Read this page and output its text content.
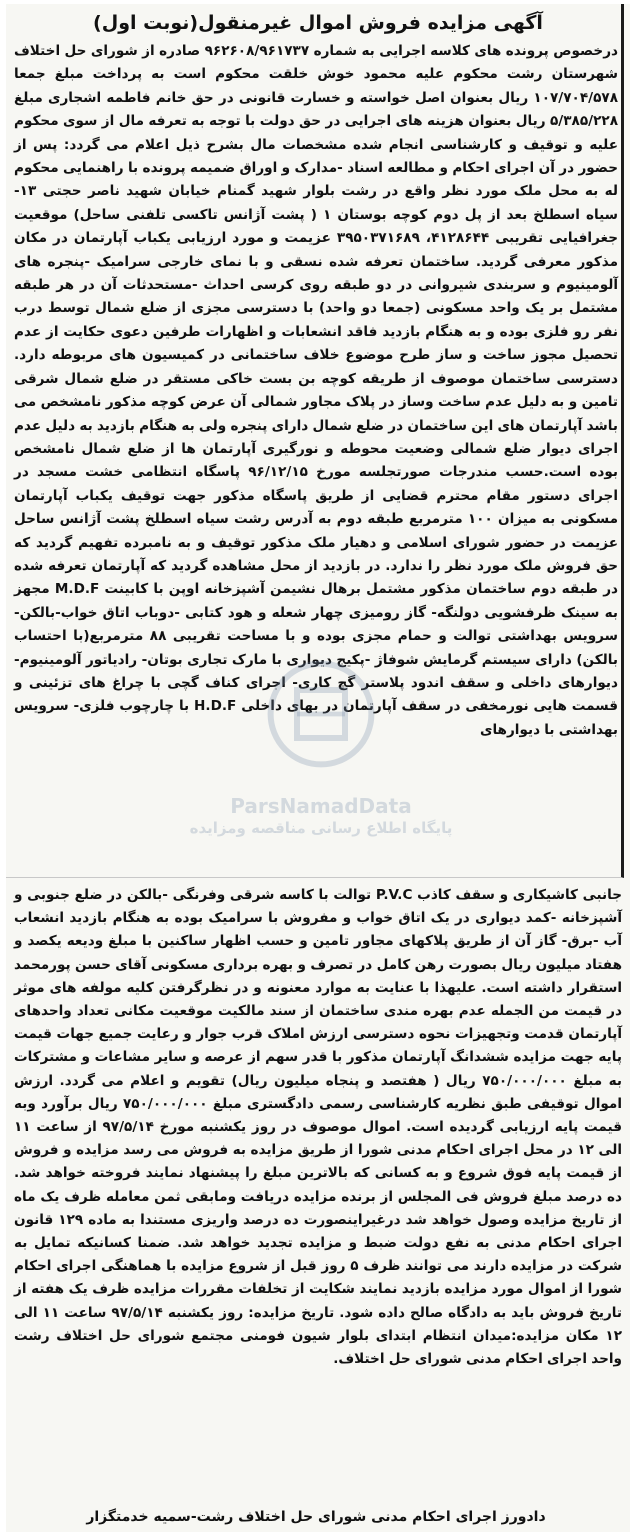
آگهی مزایده فروش اموال غیرمنقول(نوبت اول)
درخصوص پرونده های کلاسه اجرایی به شماره ۹۶۲۶۰۸/۹۶۱۷۳۷ صادره از شورای حل اختلاف شهرستان رشت محکوم علیه محمود خوش خلقت محکوم است به پرداخت مبلغ جمعا ۱۰۷/۷۰۴/۵۷۸ ریال بعنوان اصل خواسته و خسارت قانونی در حق خانم فاطمه اشجاری مبلغ ۵/۳۸۵/۲۲۸ ریال بعنوان هزینه های اجرایی در حق دولت با توجه به تعرفه مال از سوی محکوم علیه و توقیف و کارشناسی انجام شده مشخصات مال بشرح ذیل اعلام می گردد: پس از حضور در آن اجرای احکام و مطالعه اسناد -مدارک و اوراق ضمیمه پرونده با راهنمایی محکوم له به محل ملک مورد نظر واقع در رشت بلوار شهید گمنام خیابان شهید ناصر حجتی ۱۳- سیاه اسطلخ بعد از پل دوم کوچه بوستان ۱ ( پشت آژانس تاکسی تلفنی ساحل) موقعیت جغرافیایی تقریبی ۴۱۲۸۶۴۴، ۳۹۵۰۳۷۱۶۸۹ عزیمت و مورد ارزیابی یکباب آپارتمان در مکان مذکور معرفی گردید. ساختمان تعرفه شده نسقی و با نمای خارجی سرامیک -پنجره های آلومینیوم و سربندی شیروانی در دو طبقه روی کرسی احداث -مستحدثات آن در هر طبقه مشتمل بر یک واحد مسکونی (جمعا دو واحد) با دسترسی مجزی از ضلع شمال توسط درب نفر رو فلزی بوده و به هنگام بازدید فاقد انشعابات و اظهارات طرفین دعوی حکایت از عدم تحصیل مجوز ساخت و ساز طرح موضوع خلاف ساختمانی در کمیسیون های مربوطه دارد. دسترسی ساختمان موصوف از طریقه کوچه بن بست خاکی مستقر در ضلع شمال شرقی تامین و به دلیل عدم ساخت وساز در پلاک مجاور شمالی آن عرض کوچه مذکور نامشخص می باشد آپارتمان های این ساختمان در ضلع شمال دارای پنجره ولی به هنگام بازدید به دلیل عدم اجرای دیوار ضلع شمالی وضعیت محوطه و نورگیری آپارتمان ها از ضلع شمال نامشخص بوده است.حسب مندرجات صورتجلسه مورخ ۹۶/۱۲/۱۵ پاسگاه انتظامی خشت مسجد در اجرای دستور مقام محترم قضایی از طریق پاسگاه مذکور جهت توقیف یکباب آپارتمان مسکونی به میزان ۱۰۰ مترمربع طبقه دوم به آدرس رشت سیاه اسطلخ پشت آژانس ساحل عزیمت در حضور شورای اسلامی و دهیار ملک مذکور توقیف و به نامبرده تفهیم گردید که حق فروش ملک مورد نظر را ندارد. در بازدید از محل مشاهده گردید که آپارتمان تعرفه شده در طبقه دوم ساختمان مذکور مشتمل برهال نشیمن آشپزخانه اوپن با کابینت M.D.F مجهز به سینک ظرفشویی دولنگه- گاز رومیزی چهار شعله و هود کتابی -دوباب اتاق خواب-بالکن-سرویس بهداشتی توالت و حمام مجزی بوده و با مساحت تقریبی ۸۸ مترمربع(با احتساب بالکن) دارای سیستم گرمایش شوفاژ -پکیج دیواری با مارک تجاری بوتان- رادیاتور آلومینیوم-دیوارهای داخلی و سقف اندود پلاستر گچ کاری- اجرای کناف گچی با چراغ های تزئینی و قسمت هایی نورمخفی در سقف آپارتمان در بهای داخلی H.D.F با چارچوب فلزی- سرویس بهداشتی با دیوارهای
ParsNamadData
پایگاه اطلاع رسانی مناقصه ومزایده
جانبی کاشیکاری و سقف کاذب P.V.C توالت با کاسه شرقی وفرنگی -بالکن در ضلع جنوبی و آشپزخانه -کمد دیواری در یک اتاق خواب و مفروش با سرامیک بوده به هنگام بازدید انشعاب آب -برق- گاز آن از طریق پلاکهای مجاور تامین و حسب اظهار ساکنین با مبلغ ودیعه یکصد و هفتاد میلیون ریال بصورت رهن کامل در تصرف و بهره برداری مسکونی آقای حسن پورمحمد استقرار داشته است. علیهذا با عنایت به موارد معنونه و در نظرگرفتن کلیه مولفه های موثر در قیمت من الجمله عدم بهره مندی ساختمان از سند مالکیت موقعیت مکانی تعداد واحدهای آپارتمان قدمت وتجهیزات نحوه دسترسی ارزش املاک قرب جوار و رعایت جمیع جهات قیمت پایه جهت مزایده ششدانگ آپارتمان مذکور با قدر سهم از عرصه و سایر مشاعات و مشترکات به مبلغ ۷۵۰/۰۰۰/۰۰۰ ریال ( هفتصد و پنجاه میلیون ریال) تقویم و اعلام می گردد. ارزش اموال توقیفی طبق نظریه کارشناسی رسمی دادگستری مبلغ ۷۵۰/۰۰۰/۰۰۰ ریال برآورد وبه قیمت پایه ارزیابی گردیده است. اموال موصوف در روز یکشنبه مورخ ۹۷/۵/۱۴ از ساعت ۱۱ الی ۱۲ در محل اجرای احکام مدنی شورا از طریق مزایده به فروش می رسد مزایده و فروش از قیمت پایه فوق شروع و به کسانی که بالاترین مبلغ را پیشنهاد نمایند فروخته خواهد شد. ده درصد مبلغ فروش فی المجلس از برنده مزایده دریافت ومابقی ثمن معامله ظرف یک ماه از تاریخ مزایده وصول خواهد شد درغیراینصورت ده درصد واریزی مستندا به ماده ۱۲۹ قانون اجرای احکام مدنی به نفع دولت ضبط و مزایده تجدید خواهد شد. ضمنا کسانیکه تمایل به شرکت در مزایده دارند می توانند ظرف ۵ روز قبل از شروع مزایده با هماهنگی اجرای احکام شورا از اموال مورد مزایده بازدید نمایند شکایت از تخلفات مقررات مزایده ظرف یک هفته از تاریخ فروش باید به دادگاه صالح داده شود. تاریخ مزایده: روز یکشنبه ۹۷/۵/۱۴ ساعت ۱۱ الی ۱۲ مکان مزایده:میدان انتظام ابتدای بلوار شیون فومنی مجتمع شورای حل اختلاف رشت واحد اجرای احکام مدنی شورای حل اختلاف.
دادورز اجرای احکام مدنی شورای حل اختلاف رشت-سمیه خدمتگزار
